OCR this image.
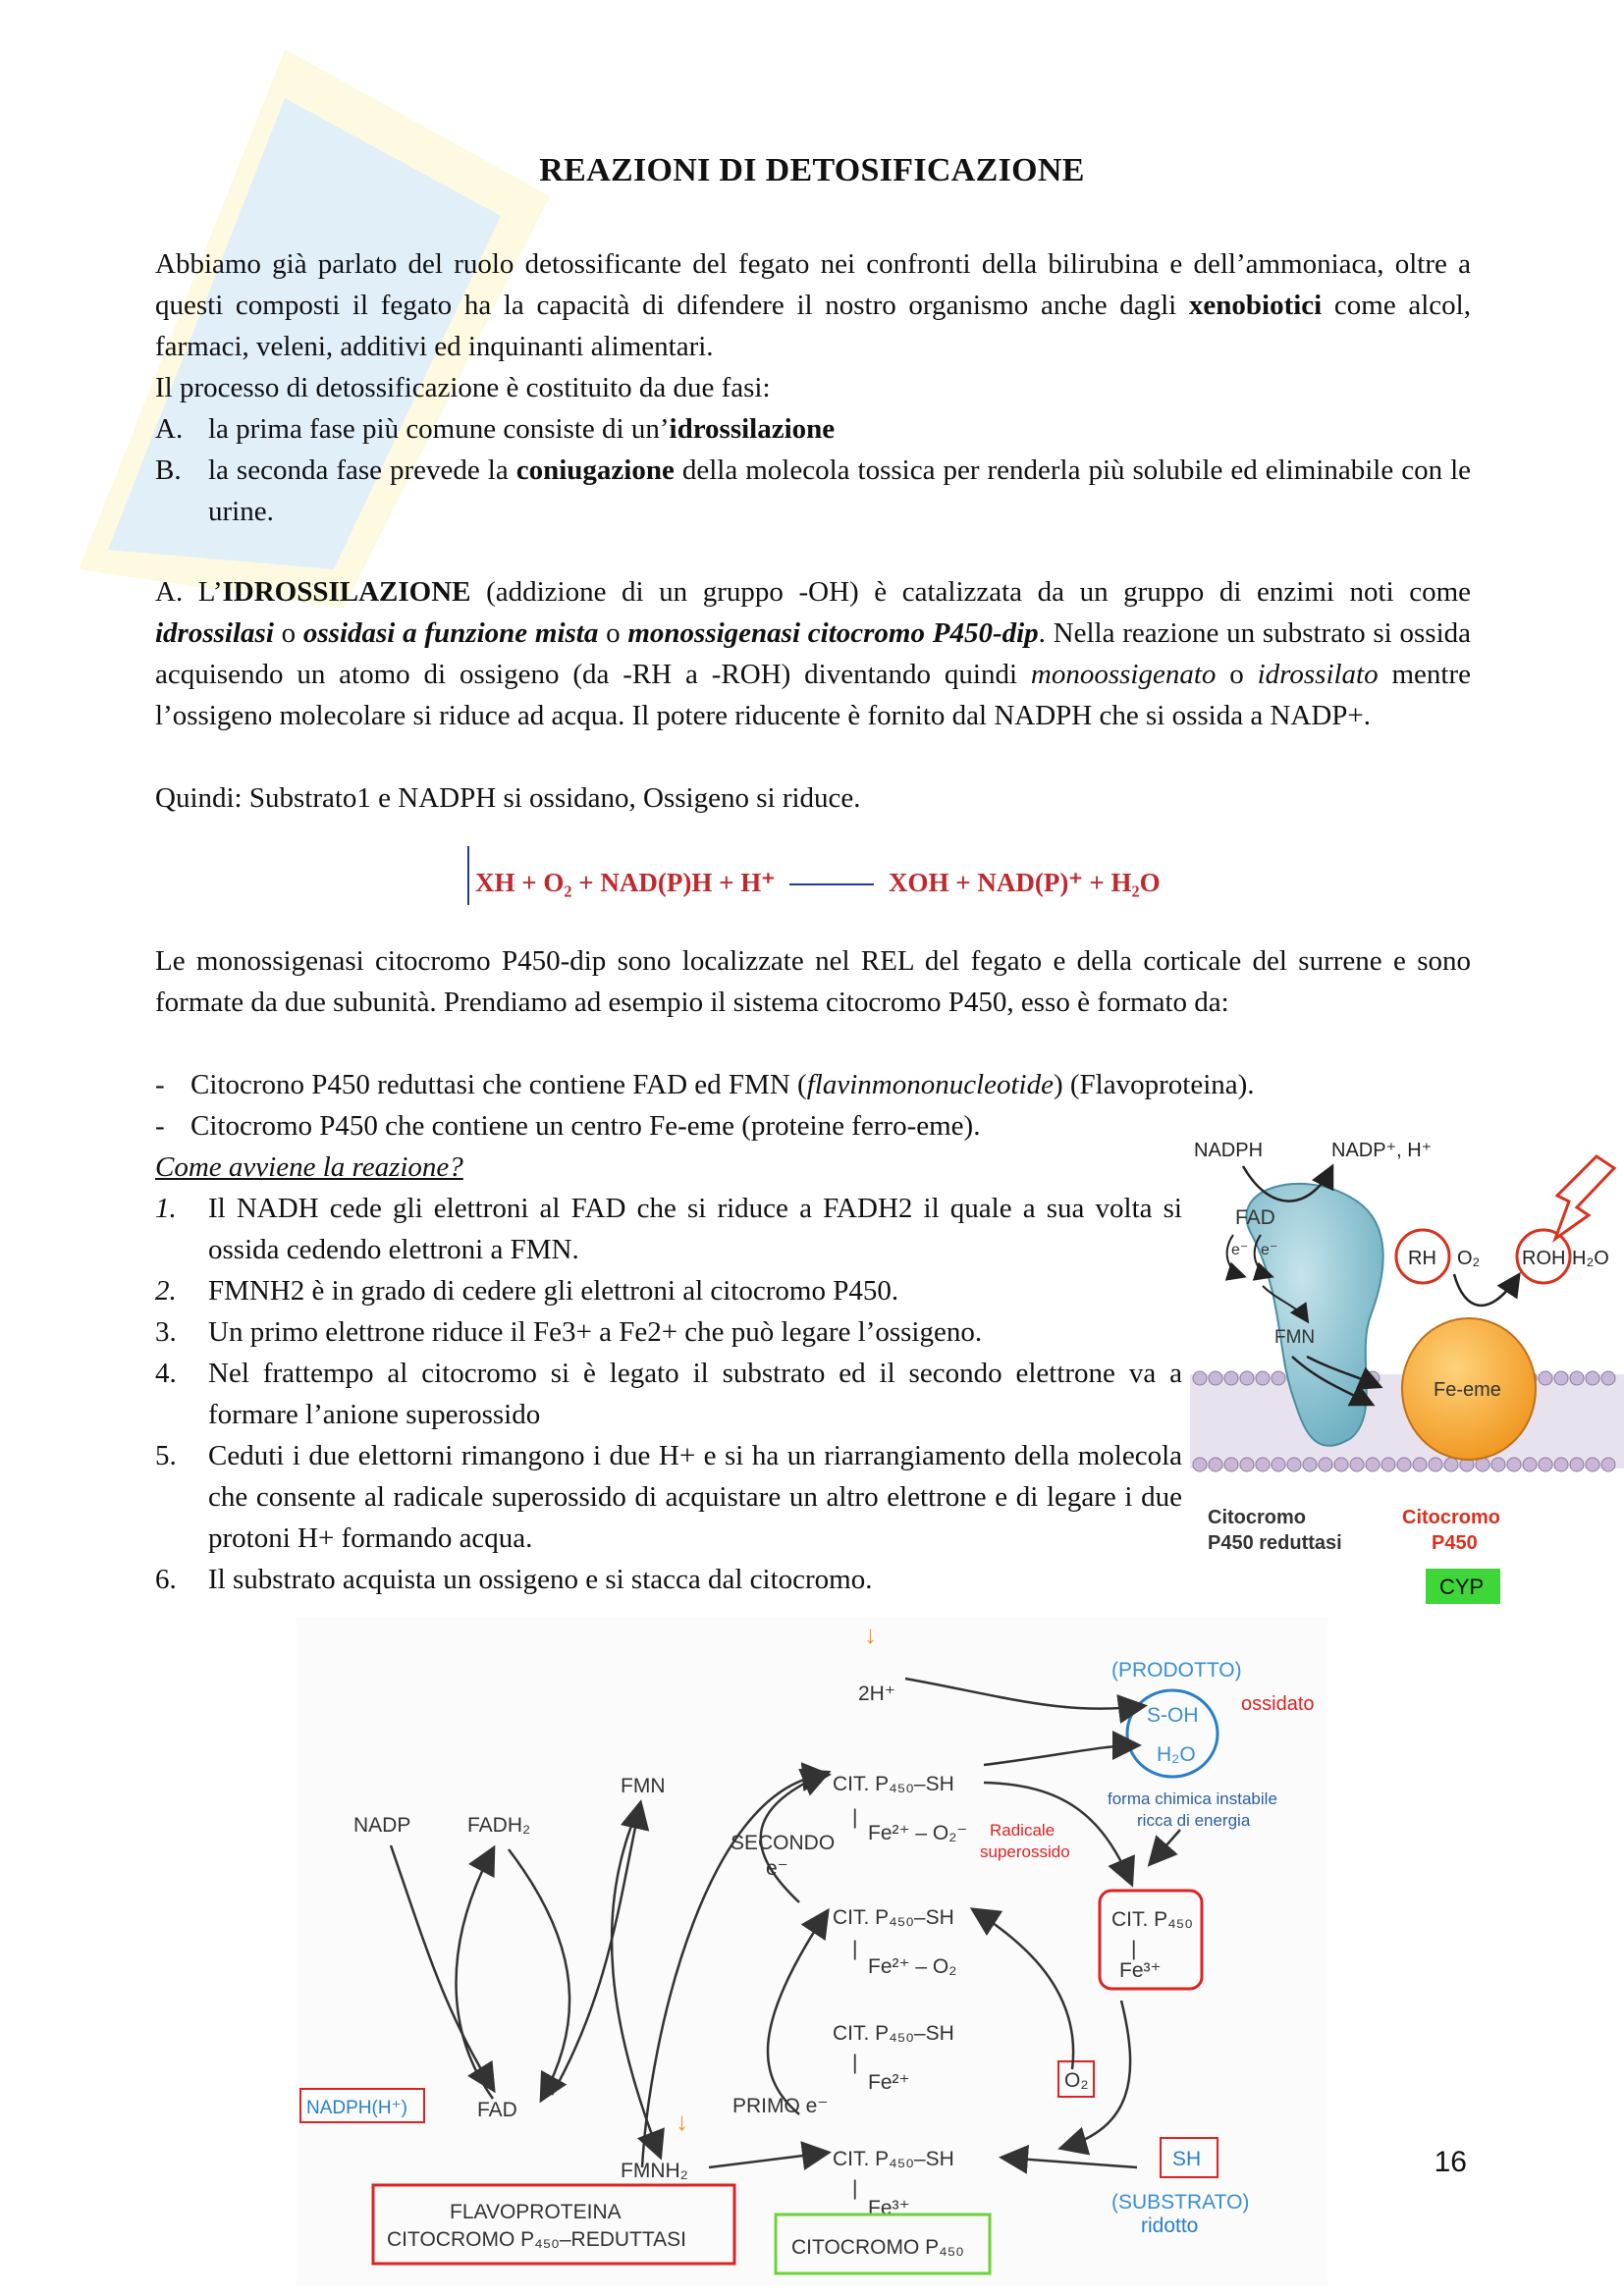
REAZIONI DI DETOSIFICAZIONE
Abbiamo già parlato del ruolo detossificante del fegato nei confronti della bilirubina e dell’ammoniaca, oltre a questi composti il fegato ha la capacità di difendere il nostro organismo anche dagli xenobiotici come alcol, farmaci, veleni, additivi ed inquinanti alimentari.
Il processo di detossificazione è costituito da due fasi:
A. la prima fase più comune consiste di un’idrossilazione
B. la seconda fase prevede la coniugazione della molecola tossica per renderla più solubile ed eliminabile con le urine.
A. L’IDROSSILAZIONE (addizione di un gruppo -OH) è catalizzata da un gruppo di enzimi noti come idrossilasi o ossidasi a funzione mista o monossigenasi citocromo P450-dip. Nella reazione un substrato si ossida acquisendo un atomo di ossigeno (da -RH a -ROH) diventando quindi monoossigenato o idrossilato mentre l’ossigeno molecolare si riduce ad acqua. Il potere riducente è fornito dal NADPH che si ossida a NADP+.
Quindi: Substrato1 e NADPH si ossidano, Ossigeno si riduce.
XH + O₂ + NAD(P)H + H⁺	XOH + NAD(P)⁺ + H₂O
Le monossigenasi citocromo P450-dip sono localizzate nel REL del fegato e della corticale del surrene e sono formate da due subunità. Prendiamo ad esempio il sistema citocromo P450, esso è formato da:
- Citocrono P450 reduttasi che contiene FAD ed FMN (flavinmononucleotide) (Flavoproteina).
- Citocromo P450 che contiene un centro Fe-eme (proteine ferro-eme).
Come avviene la reazione?
1. Il NADH cede gli elettroni al FAD che si riduce a FADH2 il quale a sua volta si ossida cedendo elettroni a FMN.
2. FMNH2 è in grado di cedere gli elettroni al citocromo P450.
3. Un primo elettrone riduce il Fe3+ a Fe2+ che può legare l’ossigeno.
4. Nel frattempo al citocromo si è legato il substrato ed il secondo elettrone va a formare l’anione superossido
5. Ceduti i due elettorni rimangono i due H+ e si ha un riarrangiamento della molecola che consente al radicale superossido di acquistare un altro elettrone e di legare i due protoni H+ formando acqua.
6. Il substrato acquista un ossigeno e si stacca dal citocromo.
NADPH	NADP⁺, H⁺
FAD
e⁻ e⁻
FMN
Fe-eme
RH O₂ ROH H₂O
Citocromo
P450 reduttasi
Citocromo
P450
CYP
(PRODOTTO)
S-OH
H₂O
ossidato
↓
2H⁺
FMN
NADP	FADH₂
CIT. P₄₅₀–SH
|
Fe²⁺ – O₂⁻
SECONDO
e⁻
Radicale
superossido
forma chimica instabile
ricca di energia
CIT. P₄₅₀–SH
|
Fe²⁺ – O₂
CIT. P₄₅₀
|
Fe³⁺
CIT. P₄₅₀–SH
|
Fe²⁺	O₂
PRIMO e⁻
NADPH(H⁺)	FAD	↓
FMNH₂
CIT. P₄₅₀–SH
|
Fe³⁺
SH
(SUBSTRATO)
ridotto
FLAVOPROTEINA
CITOCROMO P₄₅₀–REDUTTASI	CITOCROMO P₄₅₀
16
